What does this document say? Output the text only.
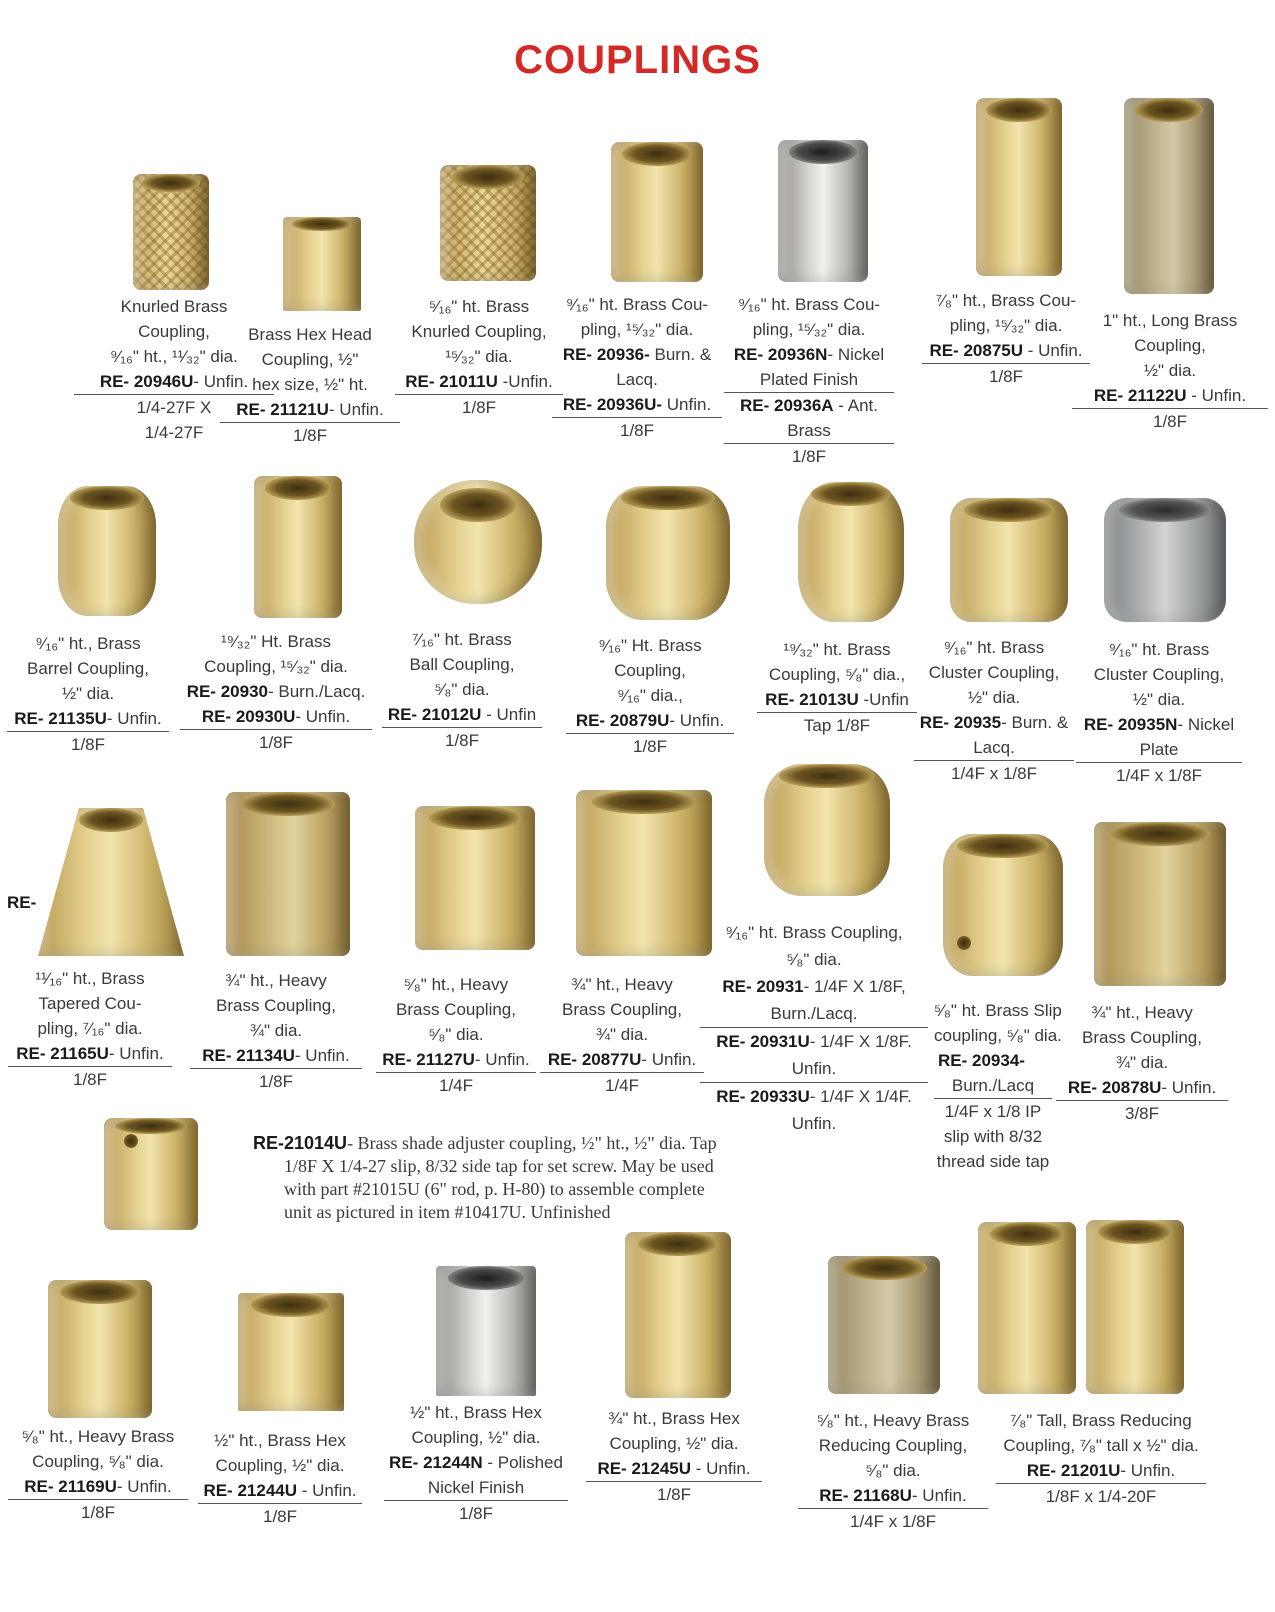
COUPLINGS
RE-
Knurled Brass
Coupling,
⁹⁄₁₆" ht., ¹¹⁄₃₂" dia.
RE- 20946U- Unfin.
1/4-27F X
1/4-27F
Brass Hex Head
Coupling, ½"
hex size, ½" ht.
RE- 21121U- Unfin.
1/8F
⁵⁄₁₆" ht. Brass
Knurled Coupling,
¹⁵⁄₃₂" dia.
RE- 21011U -Unfin.
1/8F
⁹⁄₁₆" ht. Brass Cou-
pling, ¹⁵⁄₃₂" dia.
RE- 20936- Burn. &
Lacq.
RE- 20936U- Unfin.
1/8F
⁹⁄₁₆" ht. Brass Cou-
pling, ¹⁵⁄₃₂" dia.
RE- 20936N- Nickel
Plated Finish
RE- 20936A - Ant.
Brass
1/8F
⁷⁄₈" ht., Brass Cou-
pling, ¹⁵⁄₃₂" dia.
RE- 20875U - Unfin.
1/8F
1" ht., Long Brass
Coupling,
½" dia.
RE- 21122U - Unfin.
1/8F
⁹⁄₁₆" ht., Brass
Barrel Coupling,
½" dia.
RE- 21135U- Unfin.
1/8F
¹⁹⁄₃₂" Ht. Brass
Coupling, ¹⁵⁄₃₂" dia.
RE- 20930- Burn./Lacq.
RE- 20930U- Unfin.
1/8F
⁷⁄₁₆" ht. Brass
Ball Coupling,
⁵⁄₈" dia.
RE- 21012U - Unfin
1/8F
⁹⁄₁₆" Ht. Brass
Coupling,
⁹⁄₁₆" dia.,
RE- 20879U- Unfin.
1/8F
¹⁹⁄₃₂" ht. Brass
Coupling, ⁵⁄₈" dia.,
RE- 21013U -Unfin
Tap 1/8F
⁹⁄₁₆" ht. Brass
Cluster Coupling,
½" dia.
RE- 20935- Burn. &
Lacq.
1/4F x 1/8F
⁹⁄₁₆" ht. Brass
Cluster Coupling,
½" dia.
RE- 20935N- Nickel
Plate
1/4F x 1/8F
¹¹⁄₁₆" ht., Brass
Tapered Cou-
pling, ⁷⁄₁₆" dia.
RE- 21165U- Unfin.
1/8F
¾" ht., Heavy
Brass Coupling,
¾" dia.
RE- 21134U- Unfin.
1/8F
⁵⁄₈" ht., Heavy
Brass Coupling,
⁵⁄₈" dia.
RE- 21127U- Unfin.
1/4F
¾" ht., Heavy
Brass Coupling,
¾" dia.
RE- 20877U- Unfin.
1/4F
⁹⁄₁₆" ht. Brass Coupling,
⁵⁄₈" dia.
RE- 20931- 1/4F X 1/8F,
Burn./Lacq.
RE- 20931U- 1/4F X 1/8F.
Unfin.
RE- 20933U- 1/4F X 1/4F.
Unfin.
⁵⁄₈" ht. Brass Slip
coupling, ⁵⁄₈" dia.
RE- 20934-
Burn./Lacq
1/4F x 1/8 IP
slip with 8/32
thread side tap
¾" ht., Heavy
Brass Coupling,
¾" dia.
RE- 20878U- Unfin.
3/8F
RE-21014U- Brass shade adjuster coupling, ½" ht., ½" dia. Tap
1/8F X 1/4-27 slip, 8/32 side tap for set screw. May be used
with part #21015U (6" rod, p. H-80) to assemble complete
unit as pictured in item #10417U. Unfinished
⁵⁄₈" ht., Heavy Brass
Coupling, ⁵⁄₈" dia.
RE- 21169U- Unfin.
1/8F
½" ht., Brass Hex
Coupling, ½" dia.
RE- 21244U - Unfin.
1/8F
½" ht., Brass Hex
Coupling, ½" dia.
RE- 21244N - Polished
Nickel Finish
1/8F
¾" ht., Brass Hex
Coupling, ½" dia.
RE- 21245U - Unfin.
1/8F
⁵⁄₈" ht., Heavy Brass
Reducing Coupling,
⁵⁄₈" dia.
RE- 21168U- Unfin.
1/4F x 1/8F
⁷⁄₈" Tall, Brass Reducing
Coupling, ⁷⁄₈" tall x ½" dia.
RE- 21201U- Unfin.
1/8F x 1/4-20F
